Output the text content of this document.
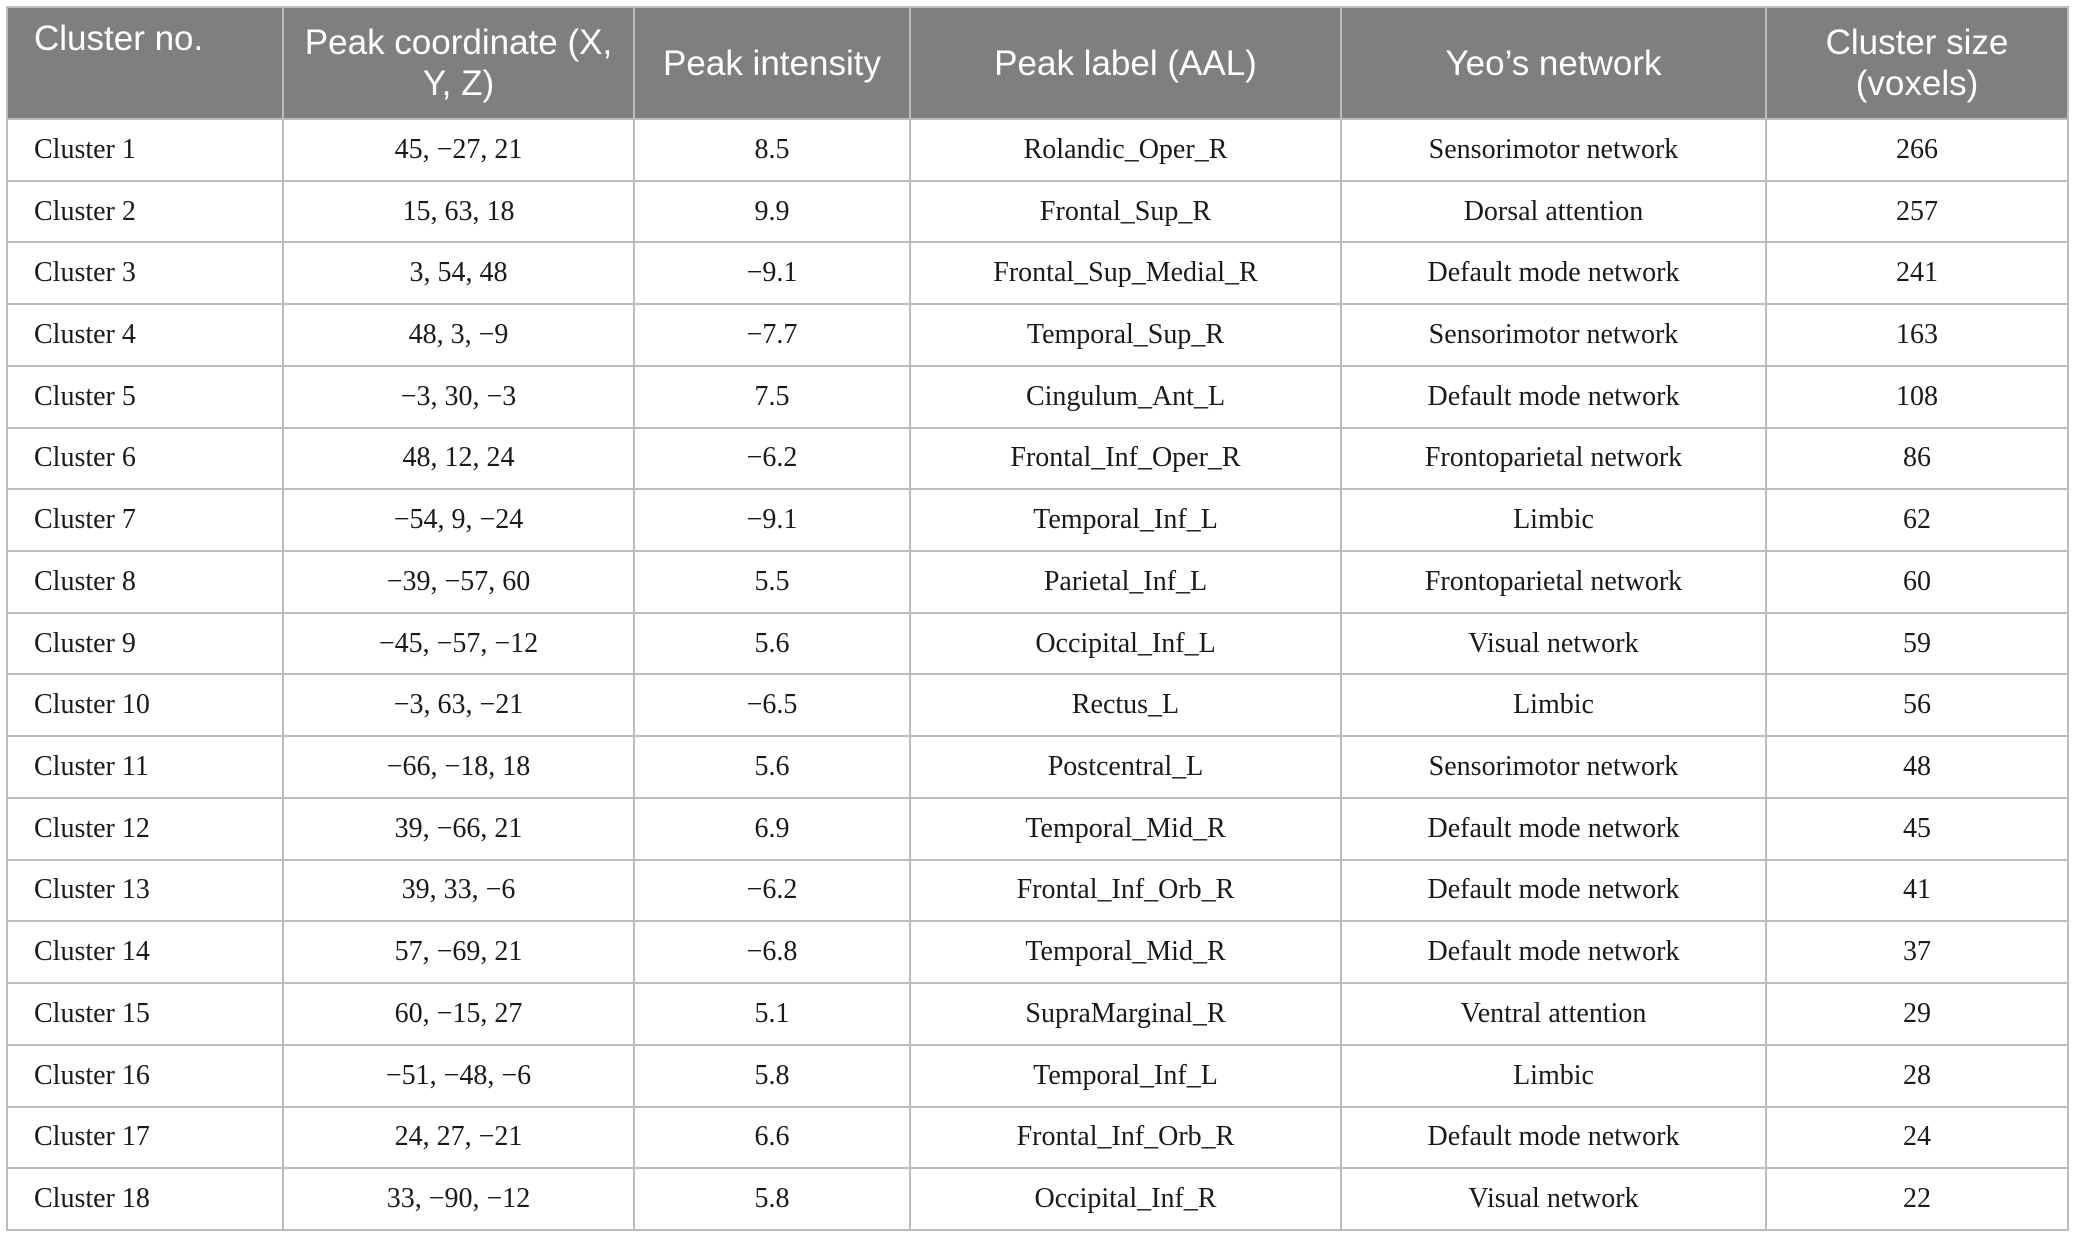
Cluster no.	Peak coordinate (X, Y, Z)	Peak intensity	Peak label (AAL)	Yeo’s network	Cluster size (voxels)
Cluster 1	45, −27, 21	8.5	Rolandic_Oper_R	Sensorimotor network	266
Cluster 2	15, 63, 18	9.9	Frontal_Sup_R	Dorsal attention	257
Cluster 3	3, 54, 48	−9.1	Frontal_Sup_Medial_R	Default mode network	241
Cluster 4	48, 3, −9	−7.7	Temporal_Sup_R	Sensorimotor network	163
Cluster 5	−3, 30, −3	7.5	Cingulum_Ant_L	Default mode network	108
Cluster 6	48, 12, 24	−6.2	Frontal_Inf_Oper_R	Frontoparietal network	86
Cluster 7	−54, 9, −24	−9.1	Temporal_Inf_L	Limbic	62
Cluster 8	−39, −57, 60	5.5	Parietal_Inf_L	Frontoparietal network	60
Cluster 9	−45, −57, −12	5.6	Occipital_Inf_L	Visual network	59
Cluster 10	−3, 63, −21	−6.5	Rectus_L	Limbic	56
Cluster 11	−66, −18, 18	5.6	Postcentral_L	Sensorimotor network	48
Cluster 12	39, −66, 21	6.9	Temporal_Mid_R	Default mode network	45
Cluster 13	39, 33, −6	−6.2	Frontal_Inf_Orb_R	Default mode network	41
Cluster 14	57, −69, 21	−6.8	Temporal_Mid_R	Default mode network	37
Cluster 15	60, −15, 27	5.1	SupraMarginal_R	Ventral attention	29
Cluster 16	−51, −48, −6	5.8	Temporal_Inf_L	Limbic	28
Cluster 17	24, 27, −21	6.6	Frontal_Inf_Orb_R	Default mode network	24
Cluster 18	33, −90, −12	5.8	Occipital_Inf_R	Visual network	22
